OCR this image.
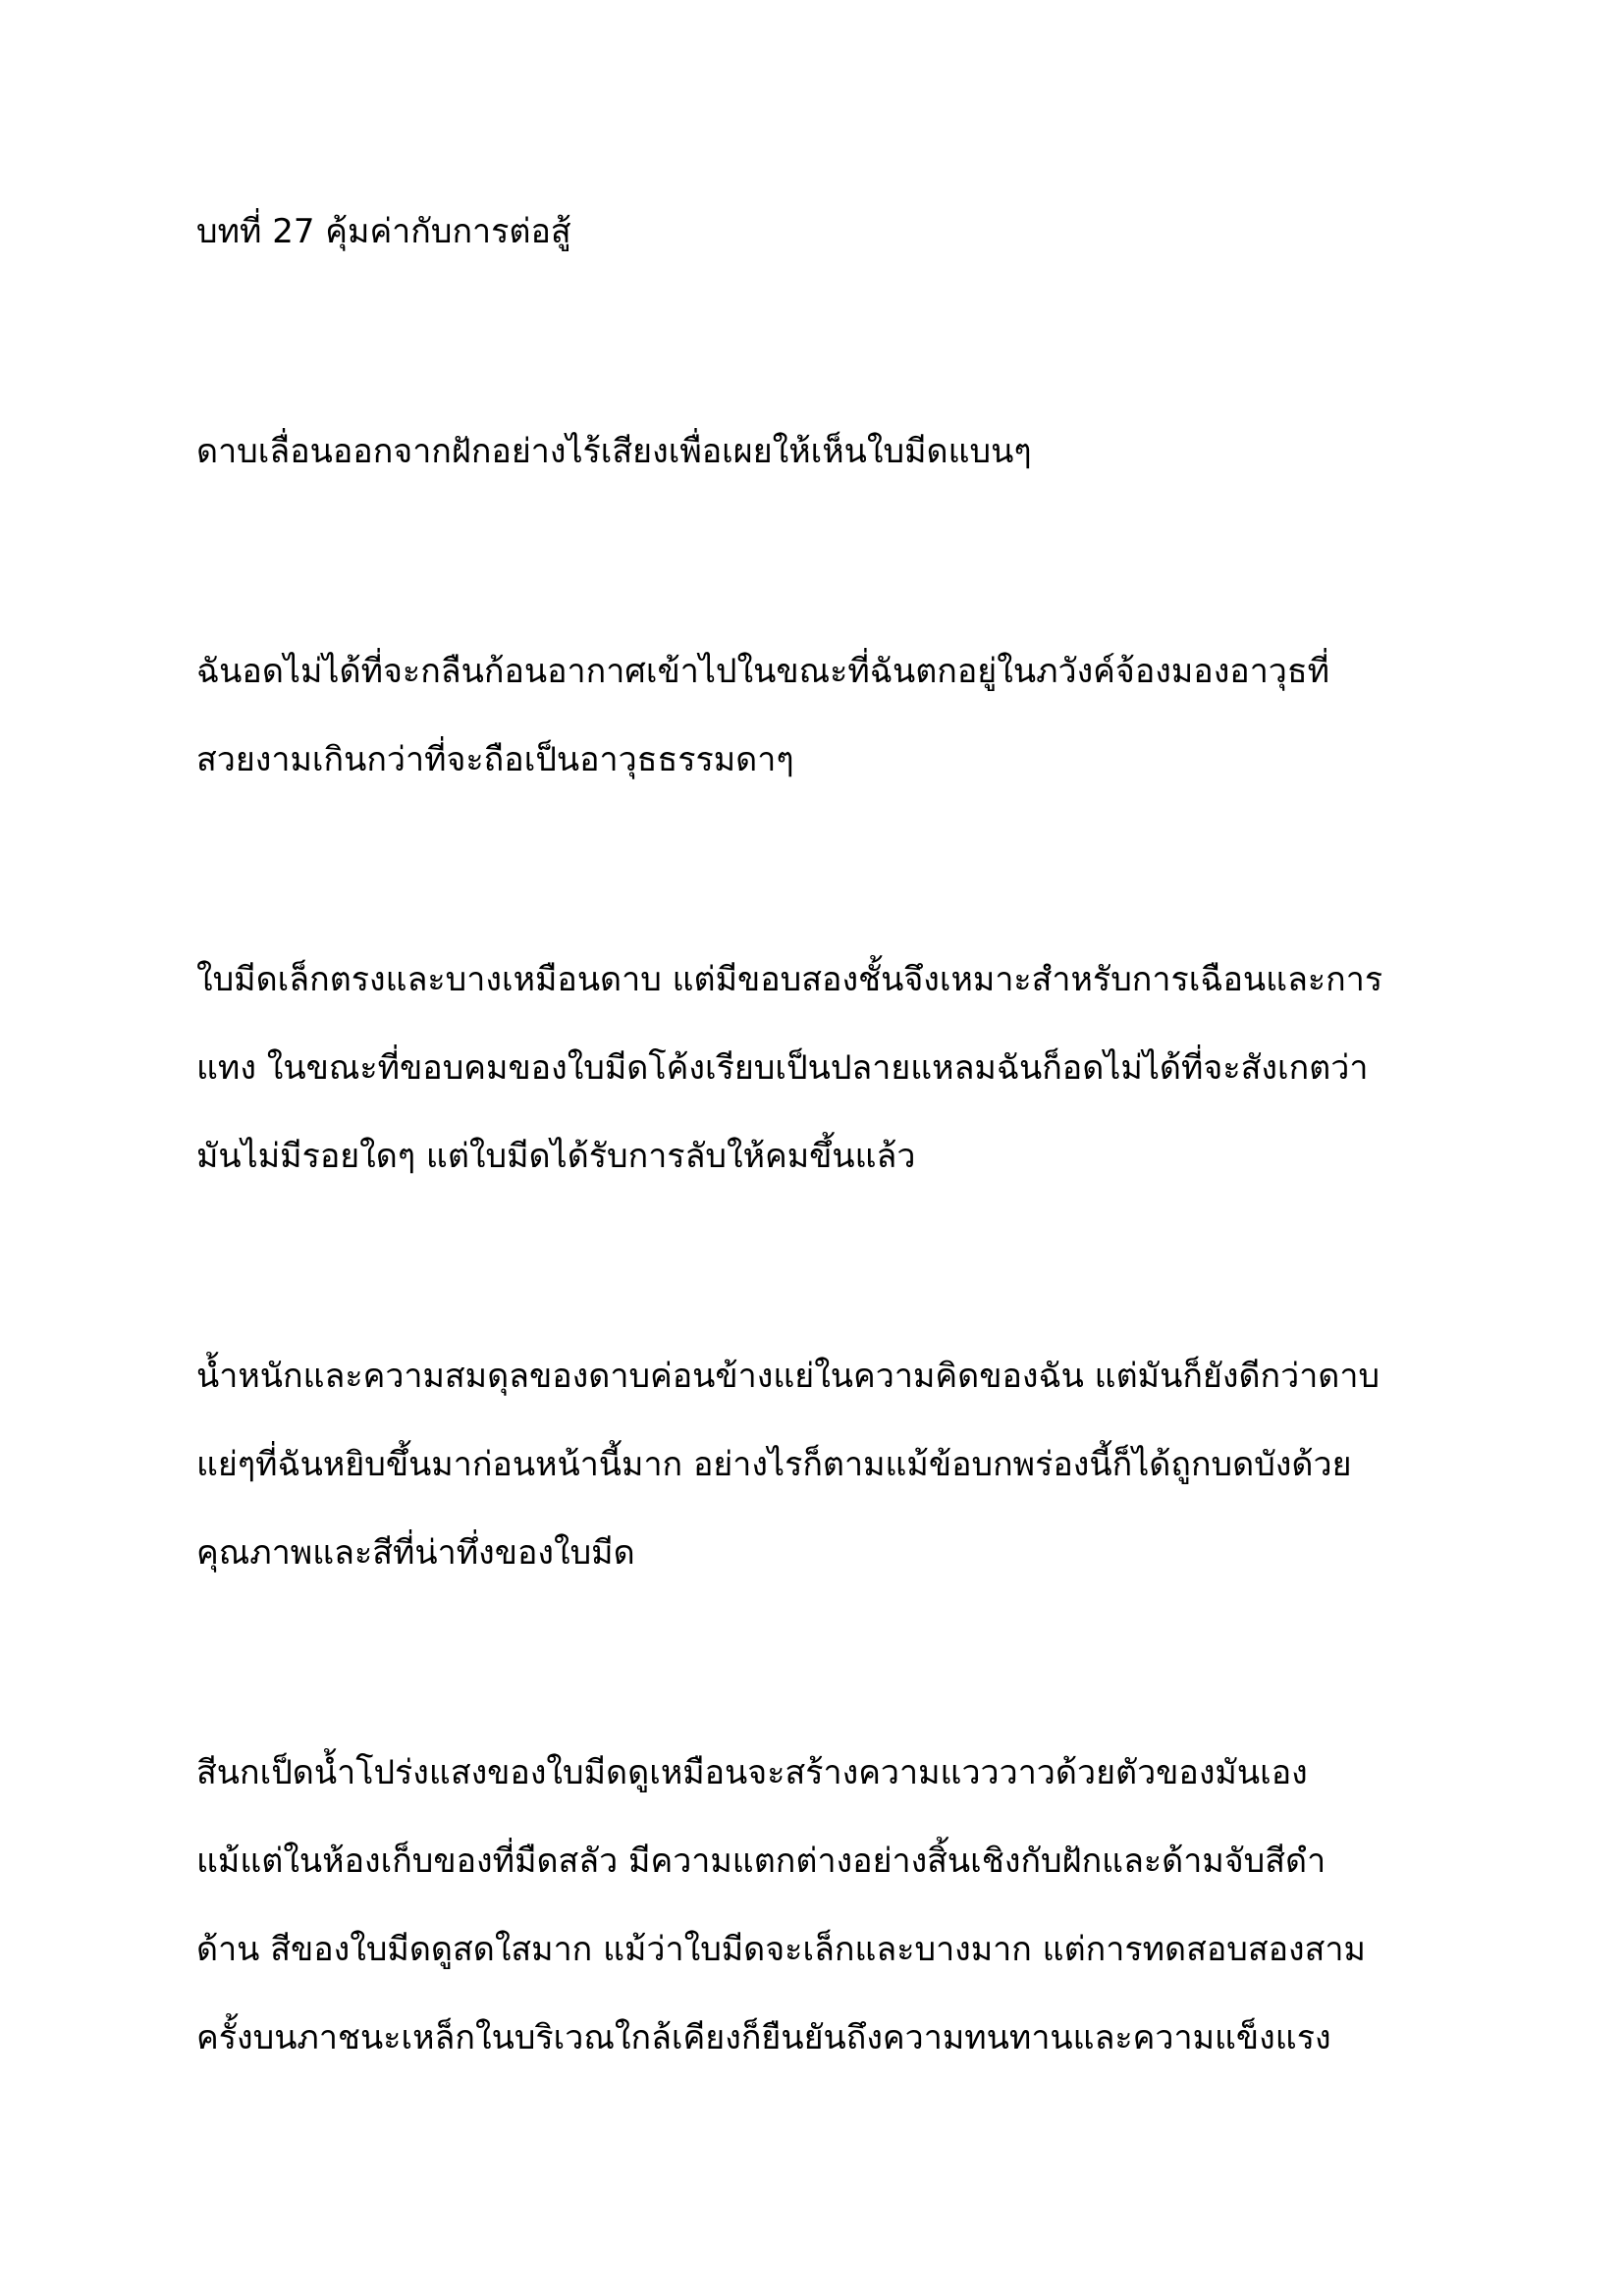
บทที่ 27 คุ้มค่ากับการต่อสู้

ดาบเลื่อนออกจากฝักอย่างไร้เสียงเพื่อเผยให้เห็นใบมีดแบนๆ

ฉันอดไม่ได้ที่จะกลืนก้อนอากาศเข้าไปในขณะที่ฉันตกอยู่ในภวังค์จ้องมองอาวุธที่

สวยงามเกินกว่าที่จะถือเป็นอาวุธธรรมดาๆ

ใบมีดเล็กตรงและบางเหมือนดาบ แต่มีขอบสองชั้นจึงเหมาะสำหรับการเฉือนและการ

แทง ในขณะที่ขอบคมของใบมีดโค้งเรียบเป็นปลายแหลมฉันก็อดไม่ได้ที่จะสังเกตว่า

มันไม่มีรอยใดๆ แต่ใบมีดได้รับการลับให้คมขึ้นแล้ว

น้ำหนักและความสมดุลของดาบค่อนข้างแย่ในความคิดของฉัน แต่มันก็ยังดีกว่าดาบ

แย่ๆที่ฉันหยิบขึ้นมาก่อนหน้านี้มาก อย่างไรก็ตามแม้ข้อบกพร่องนี้ก็ได้ถูกบดบังด้วย

คุณภาพและสีที่น่าทึ่งของใบมีด

สีนกเป็ดน้ำโปร่งแสงของใบมีดดูเหมือนจะสร้างความแวววาวด้วยตัวของมันเอง

แม้แต่ในห้องเก็บของที่มืดสลัว มีความแตกต่างอย่างสิ้นเชิงกับฝักและด้ามจับสีดำ

ด้าน สีของใบมีดดูสดใสมาก แม้ว่าใบมีดจะเล็กและบางมาก แต่การทดสอบสองสาม

ครั้งบนภาชนะเหล็กในบริเวณใกล้เคียงก็ยืนยันถึงความทนทานและความแข็งแรง
